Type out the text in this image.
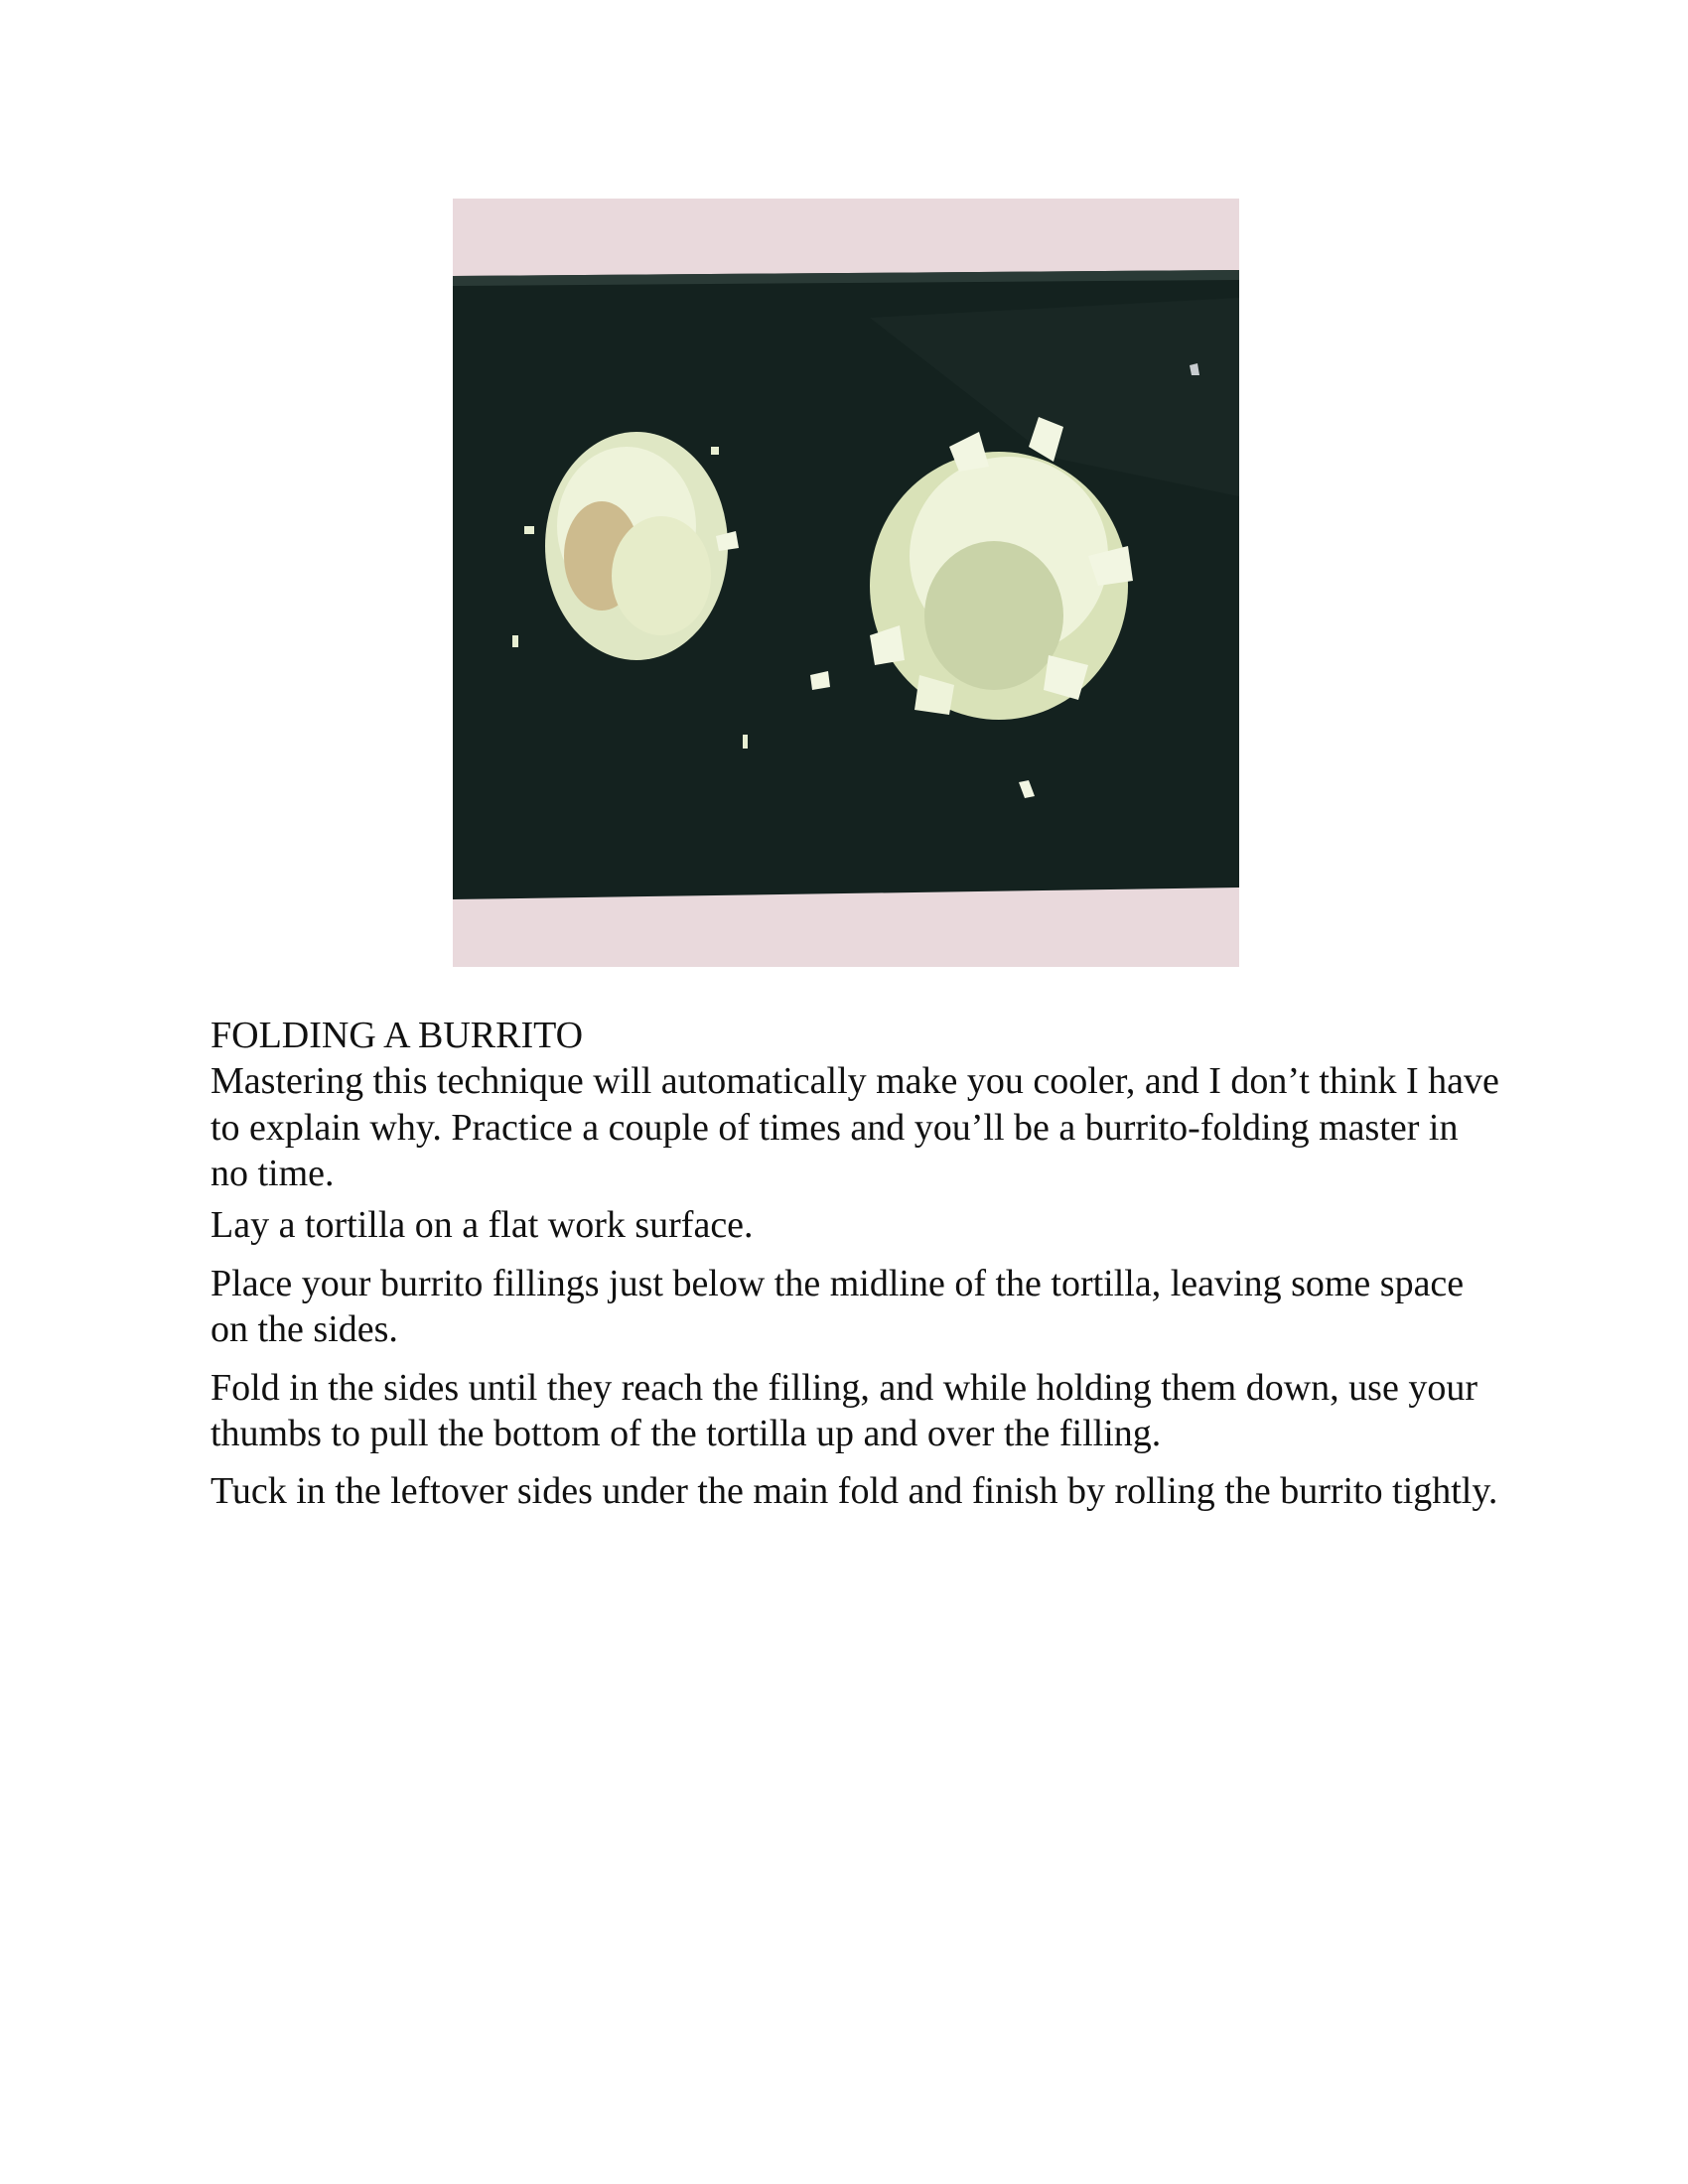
FOLDING A BURRITO

Mastering this technique will automatically make you cooler, and I don’t think I have to explain why. Practice a couple of times and you’ll be a burrito-folding master in no time.

Lay a tortilla on a flat work surface.

Place your burrito fillings just below the midline of the tortilla, leaving some space on the sides.

Fold in the sides until they reach the filling, and while holding them down, use your thumbs to pull the bottom of the tortilla up and over the filling.

Tuck in the leftover sides under the main fold and finish by rolling the burrito tightly.
